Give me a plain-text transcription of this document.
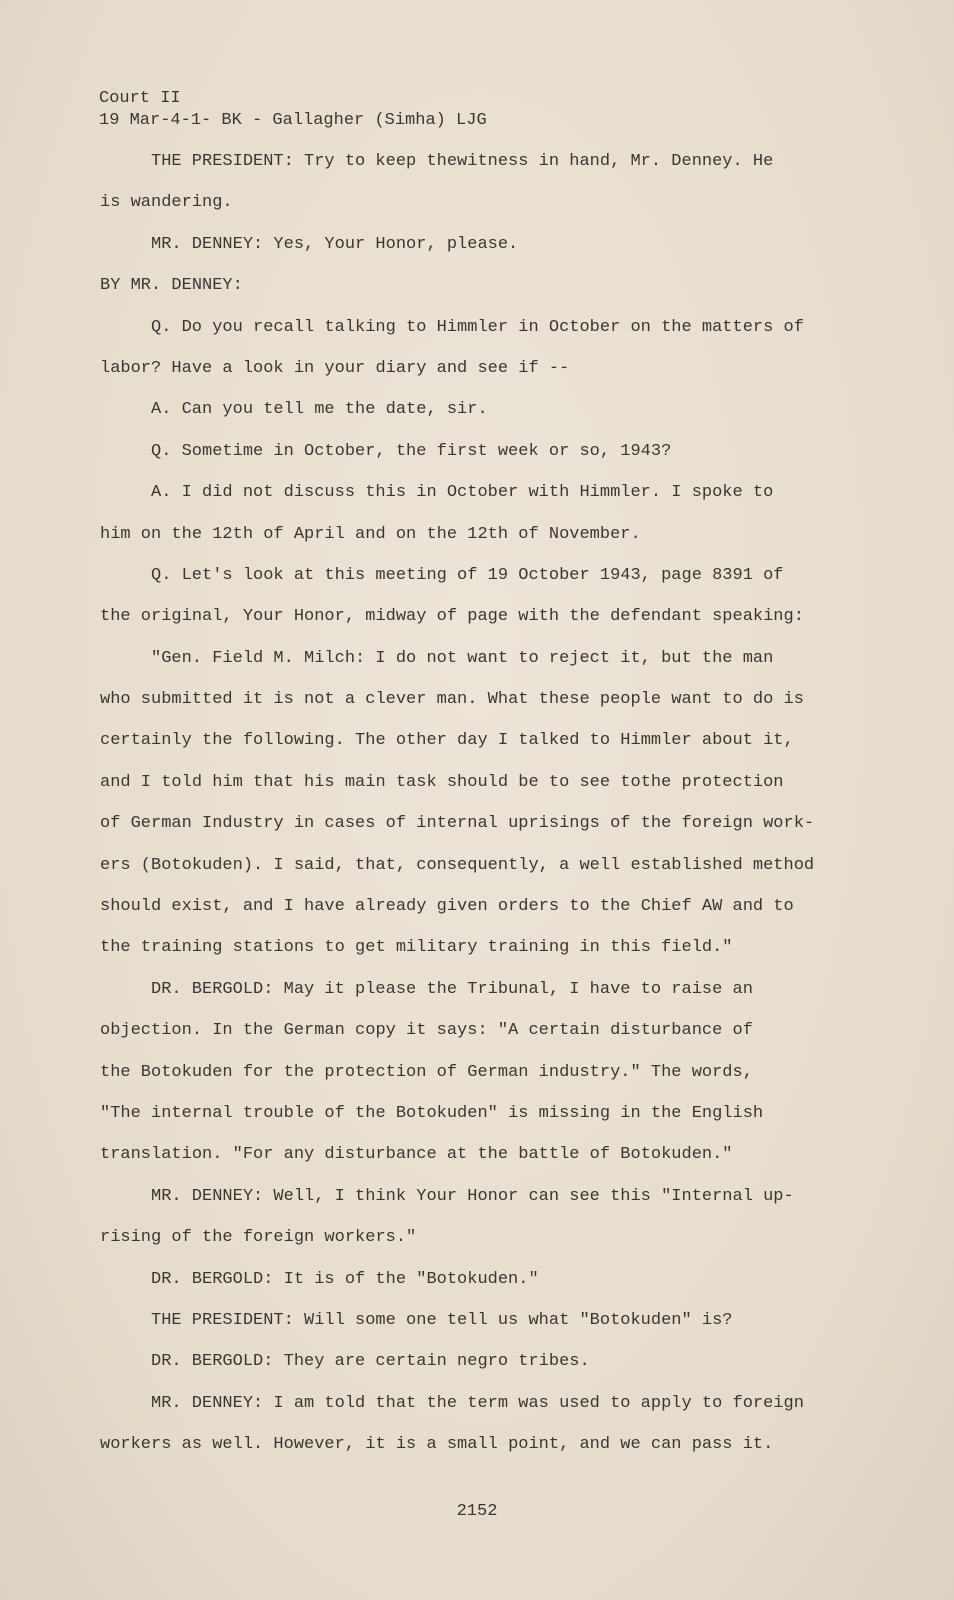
Court II
19 Mar-4-1- BK - Gallagher (Simha) LJG
THE PRESIDENT: Try to keep thewitness in hand, Mr. Denney. He
is wandering.
MR. DENNEY: Yes, Your Honor, please.
BY MR. DENNEY:
Q. Do you recall talking to Himmler in October on the matters of
labor? Have a look in your diary and see if --
A. Can you tell me the date, sir.
Q. Sometime in October, the first week or so, 1943?
A. I did not discuss this in October with Himmler. I spoke to
him on the 12th of April and on the 12th of November.
Q. Let's look at this meeting of 19 October 1943, page 8391 of
the original, Your Honor, midway of page with the defendant speaking:
"Gen. Field M. Milch: I do not want to reject it, but the man
who submitted it is not a clever man. What these people want to do is
certainly the following. The other day I talked to Himmler about it,
and I told him that his main task should be to see tothe protection
of German Industry in cases of internal uprisings of the foreign work-
ers (Botokuden). I said, that, consequently, a well established method
should exist, and I have already given orders to the Chief AW and to
the training stations to get military training in this field."
DR. BERGOLD: May it please the Tribunal, I have to raise an
objection. In the German copy it says: "A certain disturbance of
the Botokuden for the protection of German industry." The words,
"The internal trouble of the Botokuden" is missing in the English
translation. "For any disturbance at the battle of Botokuden."
MR. DENNEY: Well, I think Your Honor can see this "Internal up-
rising of the foreign workers."
DR. BERGOLD: It is of the "Botokuden."
THE PRESIDENT: Will some one tell us what "Botokuden" is?
DR. BERGOLD: They are certain negro tribes.
MR. DENNEY: I am told that the term was used to apply to foreign
workers as well. However, it is a small point, and we can pass it.
2152
